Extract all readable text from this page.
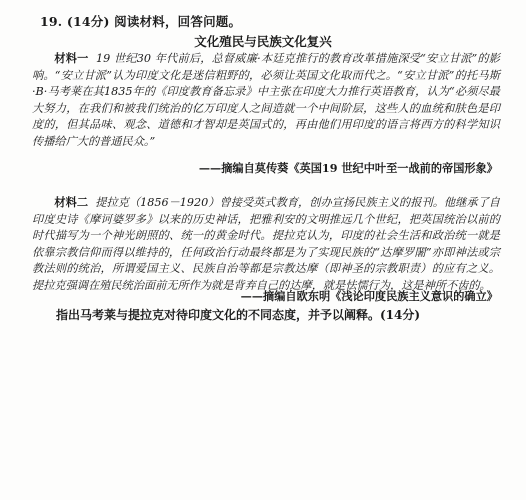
19. (14分) 阅读材料，回答问题。
文化殖民与民族文化复兴
材料一 19 世纪30 年代前后，总督威廉·本廷克推行的教育改革措施深受“安立甘派”的影响。“安立甘派”认为印度文化是迷信粗野的，必须让英国文化取而代之。“安立甘派”的托马斯·B·马考莱在其1835年的《印度教育备忘录》中主张在印度大力推行英语教育，认为“必须尽最大努力，在我们和被我们统治的亿万印度人之间造就一个中间阶层，这些人的血统和肤色是印度的，但其品味、观念、道德和才智却是英国式的，再由他们用印度的语言将西方的科学知识传播给广大的普通民众。”
——摘编自莫传葵《英国19 世纪中叶至一战前的帝国形象》
材料二 提拉克（1856－1920）曾接受英式教育，创办宣扬民族主义的报刊。他继承了自印度史诗《摩诃婆罗多》以来的历史神话，把雅利安的文明推远几个世纪，把英国统治以前的时代描写为一个神光朗照的、统一的黄金时代。提拉克认为，印度的社会生活和政治统一就是依靠宗教信仰而得以维持的，任何政治行动最终都是为了实现民族的“达摩罗闍”亦即神法或宗教法则的统治，所谓爱国主义、民族自治等都是宗教达摩（即神圣的宗教职责）的应有之义。提拉克强调在殖民统治面前无所作为就是背弃自己的达摩，就是怯懦行为，这是神所不齿的。
——摘编自欧东明《浅论印度民族主义意识的确立》
指出马考莱与提拉克对待印度文化的不同态度，并予以阐释。(14分)
